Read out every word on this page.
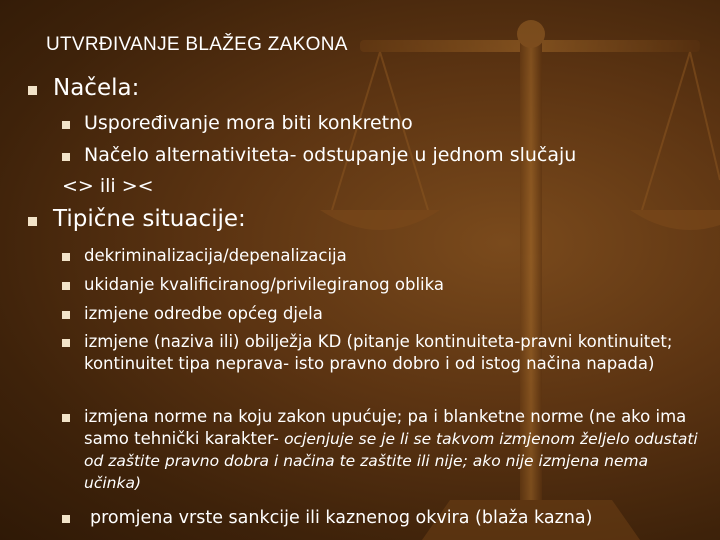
UTVRĐIVANJE BLAŽEG ZAKONA
Načela:
Uspoređivanje mora biti konkretno
Načelo alternativiteta- odstupanje u jednom slučaju
<> ili ><
Tipične situacije:
dekriminalizacija/depenalizacija
ukidanje kvalificiranog/privilegiranog oblika
izmjene odredbe općeg djela
izmjene (naziva ili) obilježja KD (pitanje kontinuiteta-pravni kontinuitet; kontinuitet tipa neprava- isto pravno dobro i od istog načina napada)
izmjena norme na koju zakon upućuje; pa i blanketne norme (ne ako ima samo tehnički karakter- ocjenjuje se je li se takvom izmjenom željelo odustati od zaštite pravno dobra i načina te zaštite ili nije; ako nije izmjena nema učinka)
promjena vrste sankcije ili kaznenog okvira (blaža kazna)
